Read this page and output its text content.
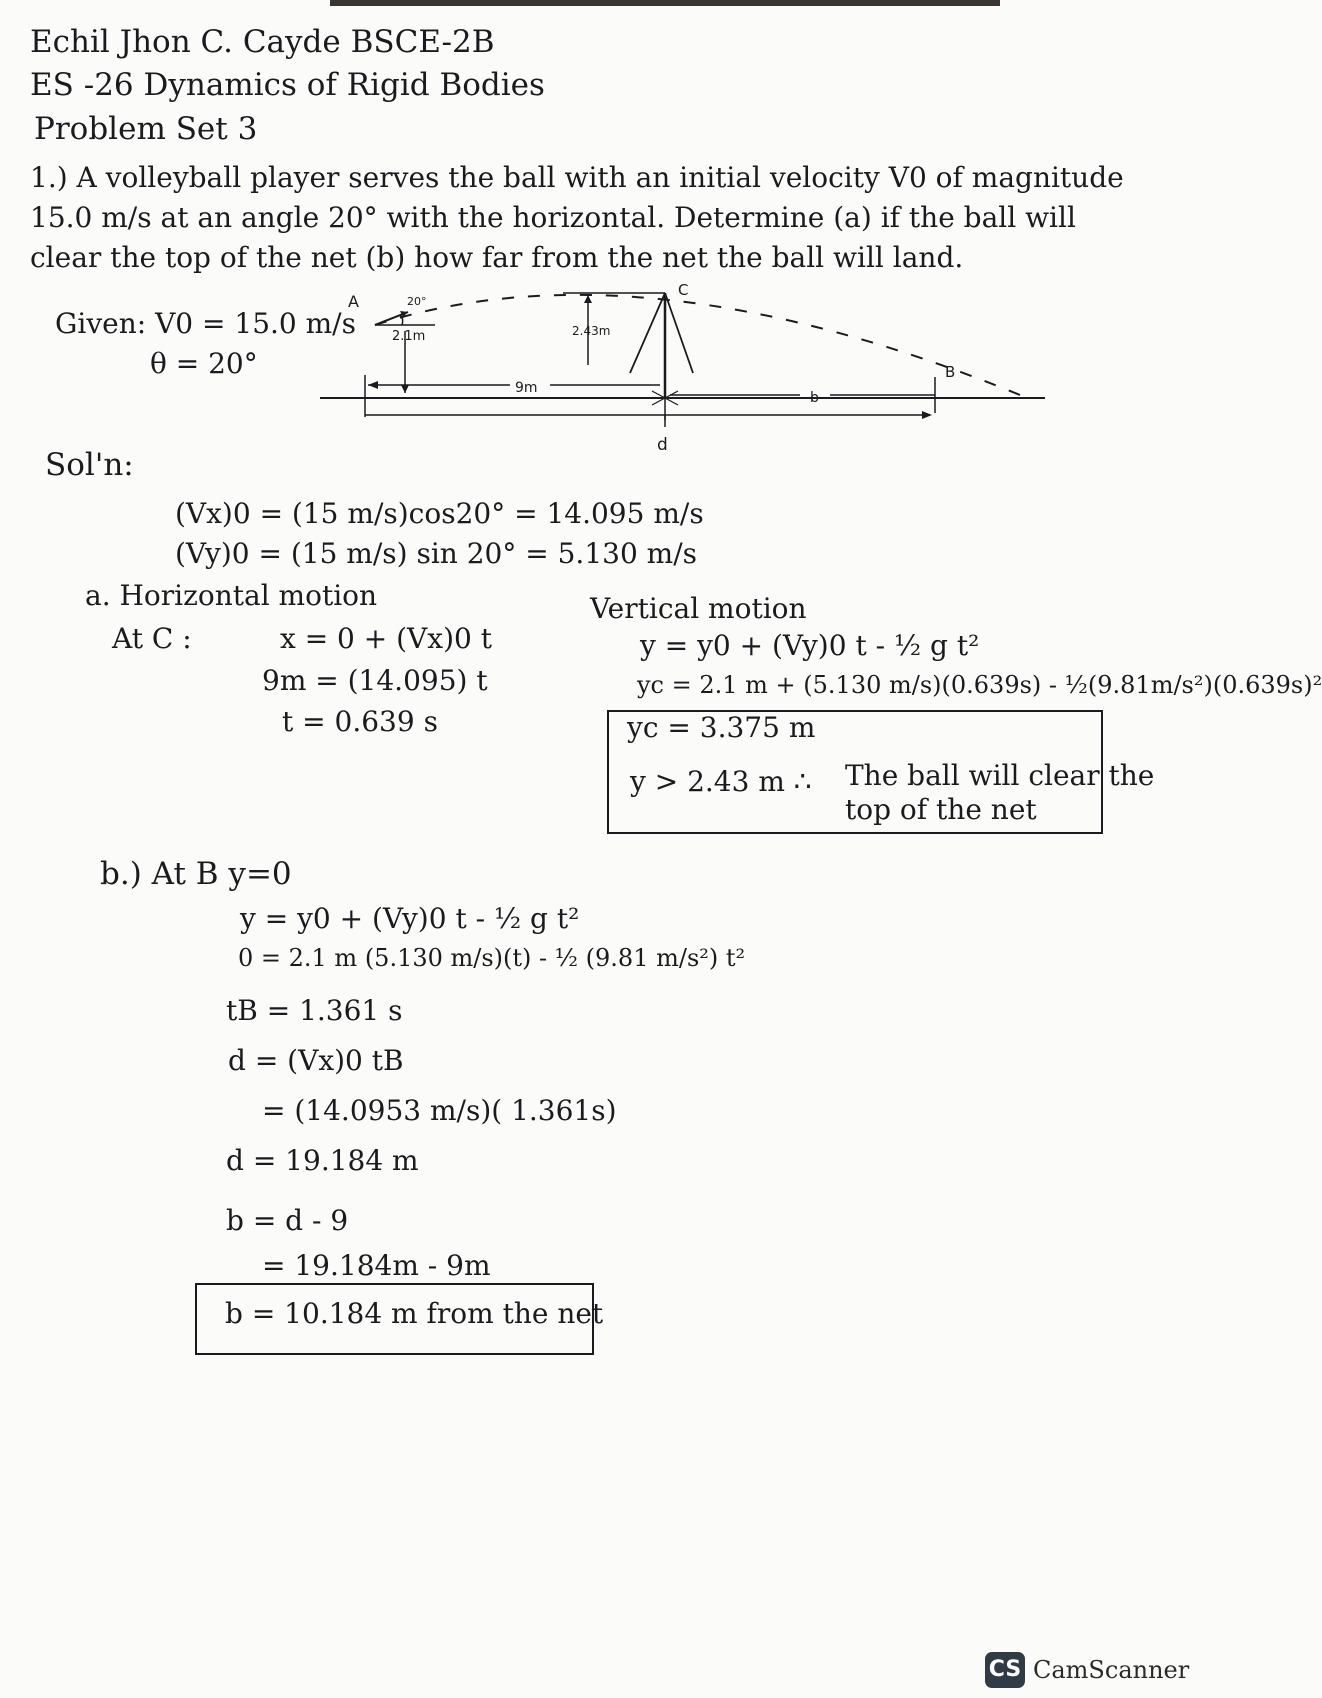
Echil Jhon C. Cayde BSCE-2B
ES -26 Dynamics of Rigid Bodies
Problem Set 3
1.) A volleyball player serves the ball with an initial velocity V0 of magnitude 15.0 m/s at an angle 20° with the horizontal. Determine (a) if the ball will clear the top of the net (b) how far from the net the ball will land.
Given: V0 = 15.0 m/s
θ = 20°
A	20°
2.1m	2.43m
C
B
9m
b
d
Sol'n:
(Vx)0 = (15 m/s)cos20° = 14.095 m/s
(Vy)0 = (15 m/s) sin 20° = 5.130 m/s
a. Horizontal motion
At C :	x = 0 + (Vx)0 t
9m = (14.095) t
t = 0.639 s
Vertical motion
y = y0 + (Vy)0 t - ½ g t²
yc = 2.1 m + (5.130 m/s)(0.639s) - ½(9.81m/s²)(0.639s)²
yc = 3.375 m
y > 2.43 m ∴ The ball will clear the
top of the net
b.) At B y=0
y = y0 + (Vy)0 t - ½ g t²
0 = 2.1 m (5.130 m/s)(t) - ½ (9.81 m/s²) t²
tB = 1.361 s
d = (Vx)0 tB
= (14.0953 m/s)( 1.361s)
d = 19.184 m
b = d - 9
= 19.184m - 9m
b = 10.184 m from the net
CS CamScanner
